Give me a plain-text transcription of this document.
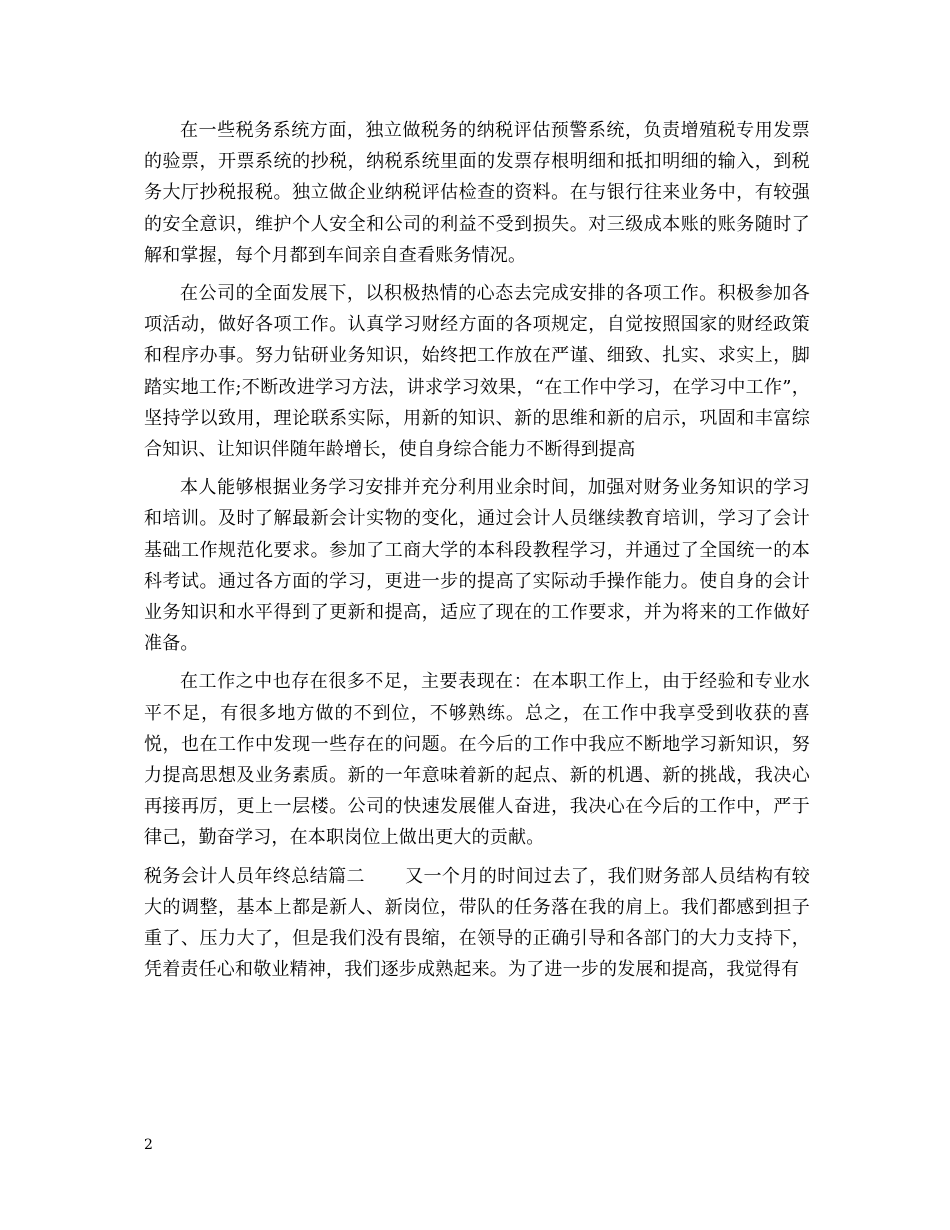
在一些税务系统方面，独立做税务的纳税评估预警系统，负责增殖税专用发票的验票，开票系统的抄税，纳税系统里面的发票存根明细和抵扣明细的输入，到税务大厅抄税报税。独立做企业纳税评估检查的资料。在与银行往来业务中，有较强的安全意识，维护个人安全和公司的利益不受到损失。对三级成本账的账务随时了解和掌握，每个月都到车间亲自查看账务情况。

在公司的全面发展下，以积极热情的心态去完成安排的各项工作。积极参加各项活动，做好各项工作。认真学习财经方面的各项规定，自觉按照国家的财经政策和程序办事。努力钻研业务知识，始终把工作放在严谨、细致、扎实、求实上，脚踏实地工作;不断改进学习方法，讲求学习效果，“在工作中学习，在学习中工作”，坚持学以致用，理论联系实际，用新的知识、新的思维和新的启示，巩固和丰富综合知识、让知识伴随年龄增长，使自身综合能力不断得到提高

本人能够根据业务学习安排并充分利用业余时间，加强对财务业务知识的学习和培训。及时了解最新会计实物的变化，通过会计人员继续教育培训，学习了会计基础工作规范化要求。参加了工商大学的本科段教程学习，并通过了全国统一的本科考试。通过各方面的学习，更进一步的提高了实际动手操作能力。使自身的会计业务知识和水平得到了更新和提高，适应了现在的工作要求，并为将来的工作做好准备。

在工作之中也存在很多不足，主要表现在：在本职工作上，由于经验和专业水平不足，有很多地方做的不到位，不够熟练。总之，在工作中我享受到收获的喜悦，也在工作中发现一些存在的问题。在今后的工作中我应不断地学习新知识，努力提高思想及业务素质。新的一年意味着新的起点、新的机遇、新的挑战，我决心再接再厉，更上一层楼。公司的快速发展催人奋进，我决心在今后的工作中，严于律己，勤奋学习，在本职岗位上做出更大的贡献。

税务会计人员年终总结篇二 又一个月的时间过去了，我们财务部人员结构有较大的调整，基本上都是新人、新岗位，带队的任务落在我的肩上。我们都感到担子重了、压力大了，但是我们没有畏缩，在领导的正确引导和各部门的大力支持下，凭着责任心和敬业精神，我们逐步成熟起来。为了进一步的发展和提高，我觉得有

2
